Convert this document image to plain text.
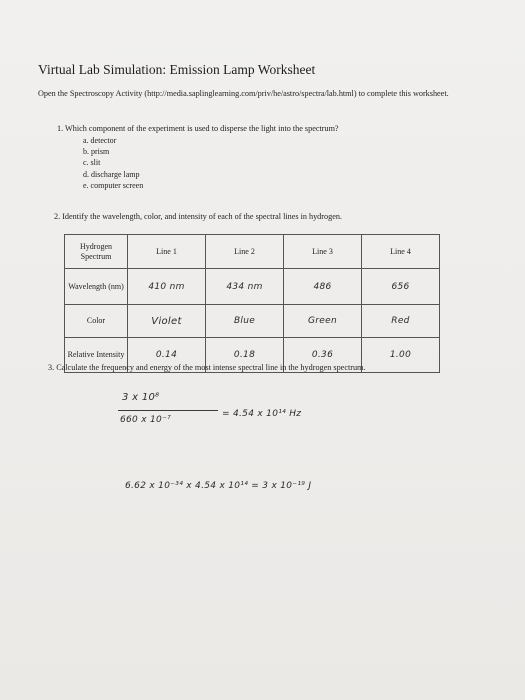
Virtual Lab Simulation: Emission Lamp Worksheet
Open the Spectroscopy Activity (http://media.saplinglearning.com/priv/he/astro/spectra/lab.html) to complete this worksheet.
1. Which component of the experiment is used to disperse the light into the spectrum?
a. detector
b. prism
c. slit
d. discharge lamp
e. computer screen
2. Identify the wavelength, color, and intensity of each of the spectral lines in hydrogen.
Hydrogen Spectrum	Line 1	Line 2	Line 3	Line 4
Wavelength (nm)	410 nm	434 nm	486	656
Color	Violet	Blue	Green	Red
Relative Intensity	0.14	0.18	0.36	1.00
3. Calculate the frequency and energy of the most intense spectral line in the hydrogen spectrum.
3 x 10⁸
660 x 10⁻⁷
= 4.54 x 10¹⁴ Hz
6.62 x 10⁻³⁴ x 4.54 x 10¹⁴ = 3 x 10⁻¹⁹ J
